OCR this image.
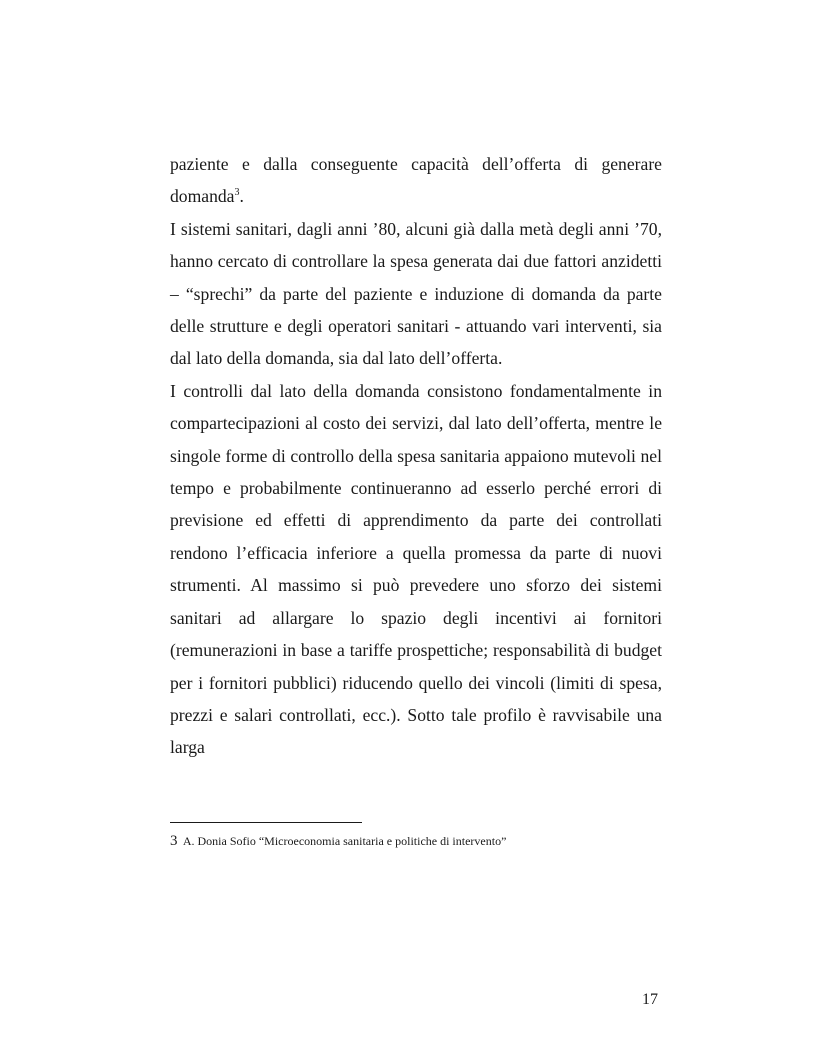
paziente e dalla conseguente capacità dell’offerta di generare domanda$^3$.

I sistemi sanitari, dagli anni ’80, alcuni già dalla metà degli anni ’70, hanno cercato di controllare la spesa generata dai due fattori anzidetti – “sprechi” da parte del paziente e induzione di domanda da parte delle strutture e degli operatori sanitari - attuando vari interventi, sia dal lato della domanda, sia dal lato dell’offerta.

I controlli dal lato della domanda consistono fondamentalmente in compartecipazioni al costo dei servizi, dal lato dell’offerta, mentre le singole forme di controllo della spesa sanitaria appaiono mutevoli nel tempo e probabilmente continueranno ad esserlo perché errori di previsione ed effetti di apprendimento da parte dei controllati rendono l’efficacia inferiore a quella promessa da parte di nuovi strumenti. Al massimo si può prevedere uno sforzo dei sistemi sanitari ad allargare lo spazio degli incentivi ai fornitori (remunerazioni in base a tariffe prospettiche; responsabilità di budget per i fornitori pubblici) riducendo quello dei vincoli (limiti di spesa, prezzi e salari controllati, ecc.). Sotto tale profilo è ravvisabile una larga

3 A. Donia Sofio “Microeconomia sanitaria e politiche di intervento”
17
